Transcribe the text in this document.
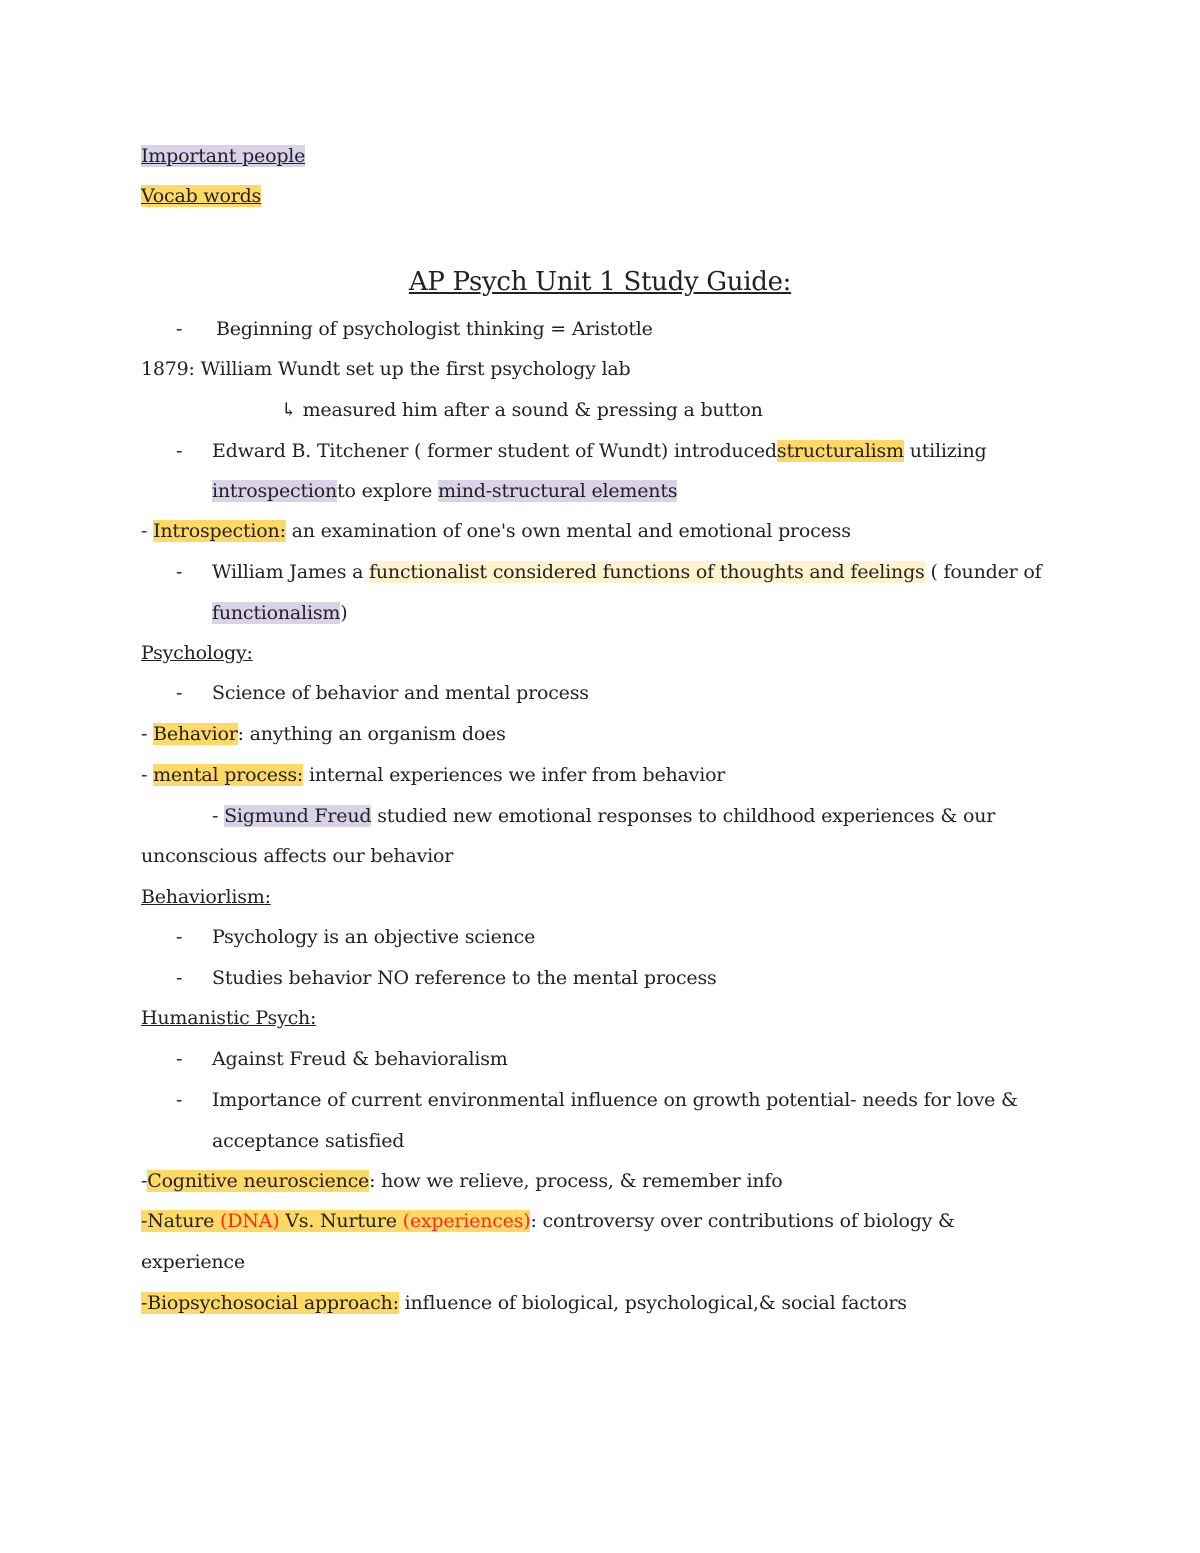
Important people
Vocab words
AP Psych Unit 1 Study Guide:
- Beginning of psychologist thinking = Aristotle
1879: William Wundt set up the first psychology lab
↳ measured him after a sound & pressing a button
- Edward B. Titchener ( former student of Wundt) introducedstructuralism utilizing
introspectionto explore mind-structural elements
- Introspection: an examination of one's own mental and emotional process
- William James a functionalist considered functions of thoughts and feelings ( founder of
functionalism)
Psychology:
- Science of behavior and mental process
- Behavior: anything an organism does
- mental process: internal experiences we infer from behavior
- Sigmund Freud studied new emotional responses to childhood experiences & our
unconscious affects our behavior
Behaviorlism:
- Psychology is an objective science
- Studies behavior NO reference to the mental process
Humanistic Psych:
- Against Freud & behavioralism
- Importance of current environmental influence on growth potential- needs for love &
acceptance satisfied
-Cognitive neuroscience: how we relieve, process, & remember info
-Nature (DNA) Vs. Nurture (experiences): controversy over contributions of biology &
experience
-Biopsychosocial approach: influence of biological, psychological,& social factors
